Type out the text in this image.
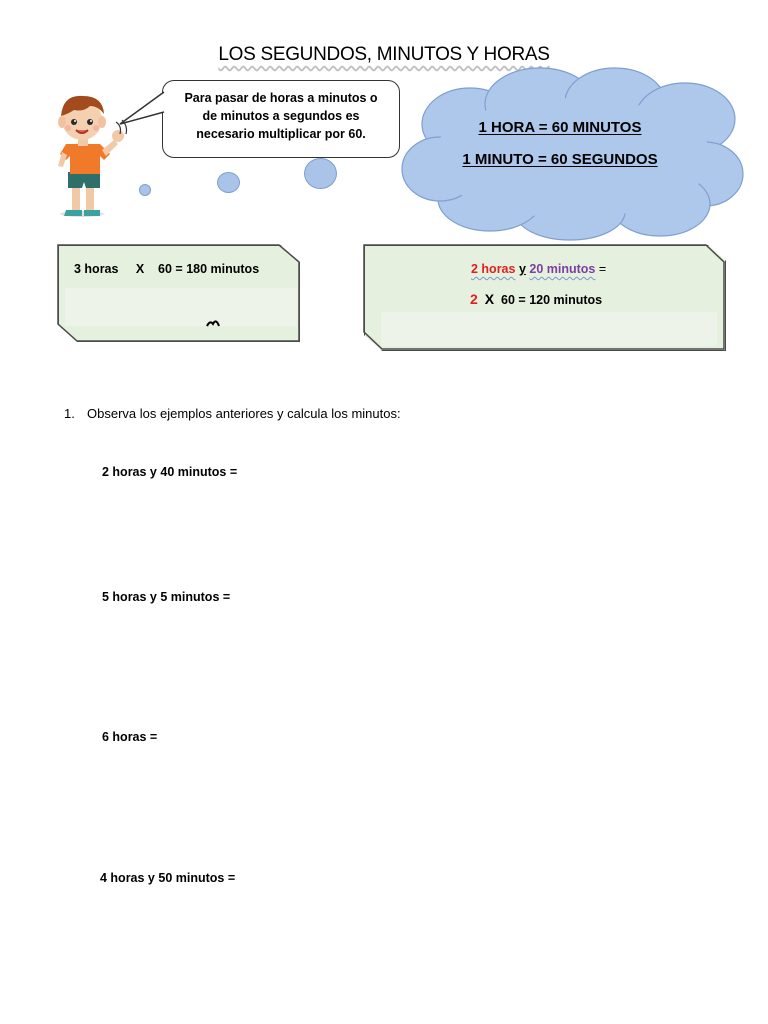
LOS SEGUNDOS, MINUTOS Y HORAS
Para pasar de horas a minutos o
de minutos a segundos es
necesario multiplicar por 60.	1 HORA = 60 MINUTOS
1 MINUTO = 60 SEGUNDOS
3 horas     X    60 = 180 minutos	2 horas y 20 minutos =
2 X 60 = 120 minutos
1. Observa los ejemplos anteriores y calcula los minutos:
2 horas y 40 minutos =
5 horas y 5 minutos =
6 horas =
4 horas y 50 minutos =
